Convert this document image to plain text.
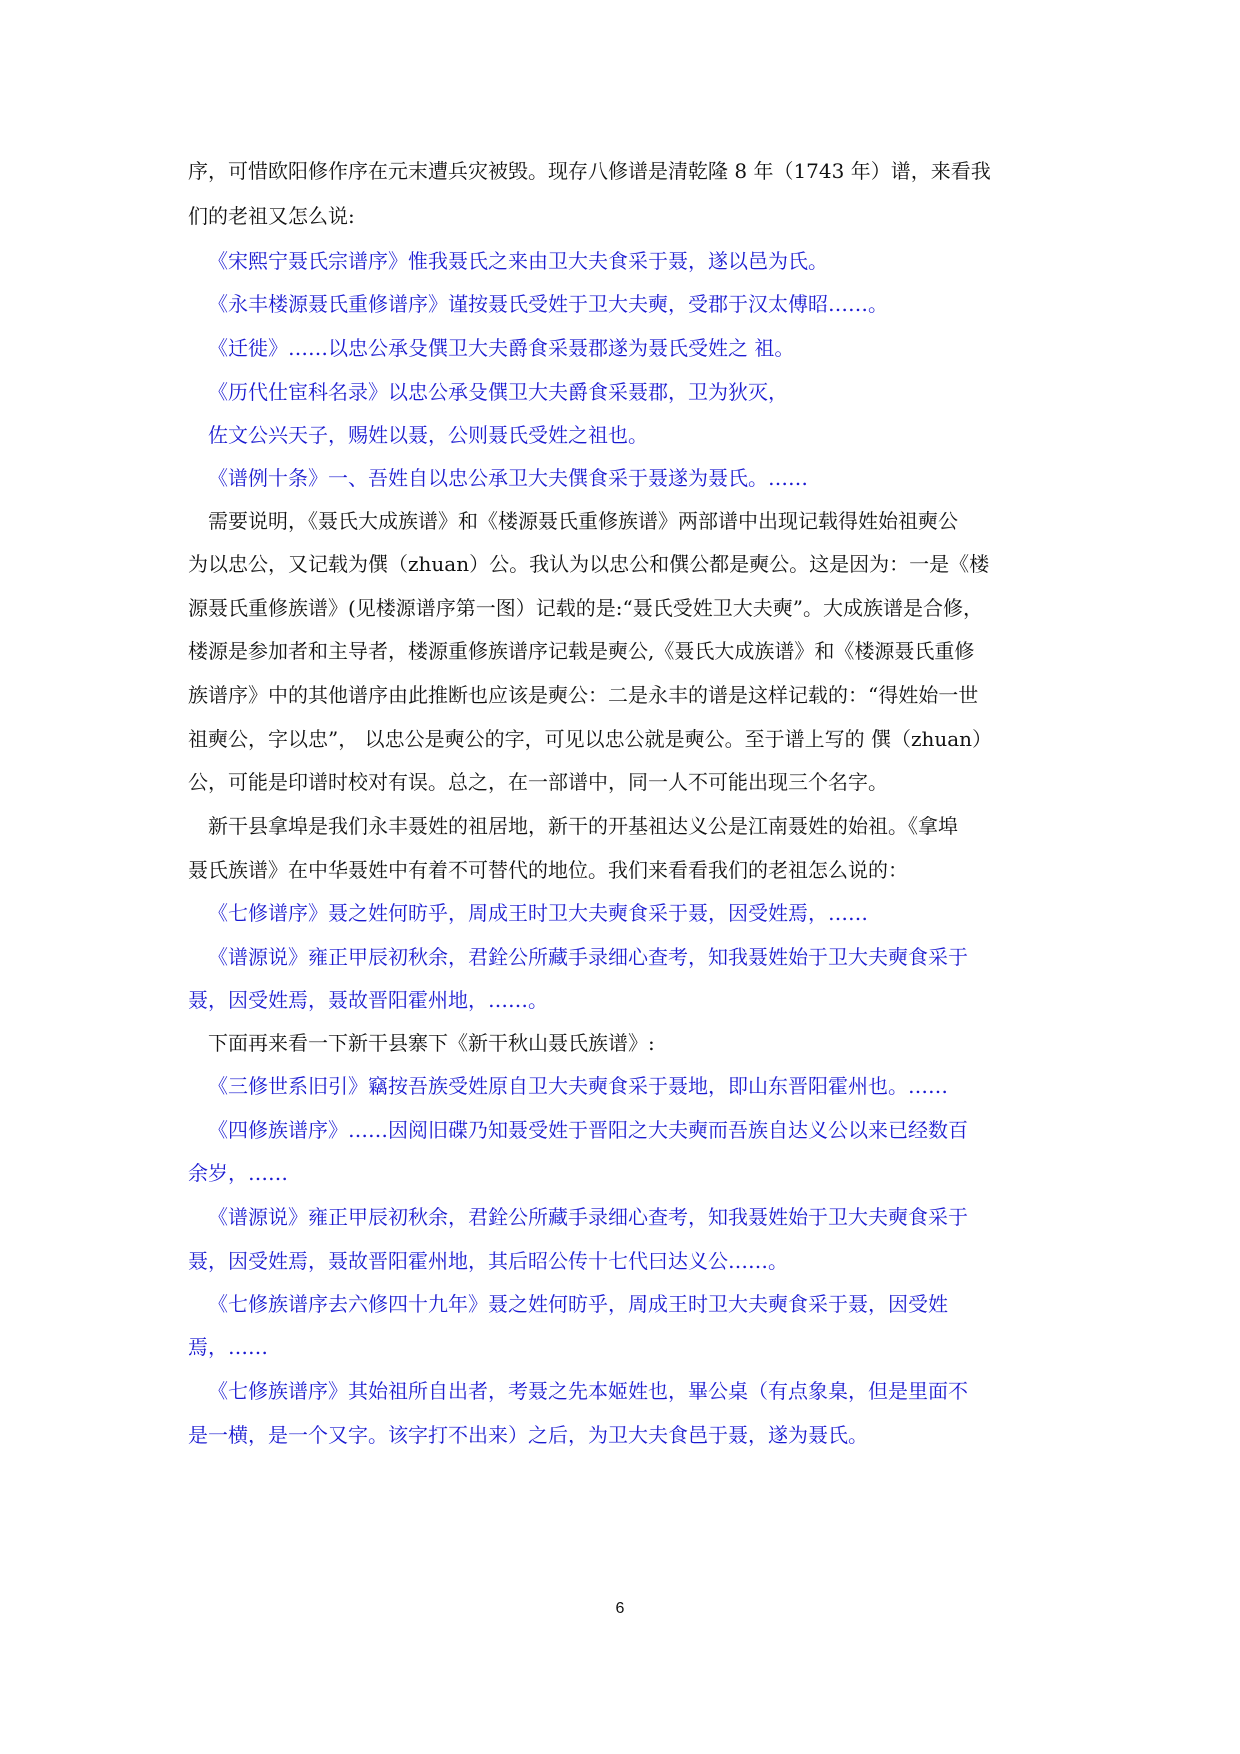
序，可惜欧阳修作序在元末遭兵灾被毁。现存八修谱是清乾隆 8 年（1743 年）谱，来看我
们的老祖又怎么说:
《宋熙宁聂氏宗谱序》惟我聂氏之来由卫大夫食采于聂，遂以邑为氏。
《永丰楼源聂氏重修谱序》谨按聂氏受姓于卫大夫奭，受郡于汉太傅昭……。
《迁徙》……以忠公承殳僎卫大夫爵食采聂郡遂为聂氏受姓之 祖。
《历代仕宦科名录》以忠公承殳僎卫大夫爵食采聂郡，卫为狄灭，
佐文公兴天子，赐姓以聂，公则聂氏受姓之祖也。
《谱例十条》一、吾姓自以忠公承卫大夫僎食采于聂遂为聂氏。……
需要说明，《聂氏大成族谱》和《楼源聂氏重修族谱》两部谱中出现记载得姓始祖奭公
为以忠公，又记载为僎（zhuan）公。我认为以忠公和僎公都是奭公。这是因为：一是《楼
源聂氏重修族谱》(见楼源谱序第一图）记载的是:“聂氏受姓卫大夫奭”。大成族谱是合修，
楼源是参加者和主导者，楼源重修族谱序记载是奭公,《聂氏大成族谱》和《楼源聂氏重修
族谱序》中的其他谱序由此推断也应该是奭公：二是永丰的谱是这样记载的：“得姓始一世
祖奭公，字以忠”， 以忠公是奭公的字，可见以忠公就是奭公。至于谱上写的 僎（zhuan）
公，可能是印谱时校对有误。总之，在一部谱中，同一人不可能出现三个名字。
新干县拿埠是我们永丰聂姓的祖居地，新干的开基祖达义公是江南聂姓的始祖。《拿埠
聂氏族谱》在中华聂姓中有着不可替代的地位。我们来看看我们的老祖怎么说的：
《七修谱序》聂之姓何昉乎，周成王时卫大夫奭食采于聂，因受姓焉，……
《谱源说》雍正甲辰初秋余，君銓公所藏手录细心查考，知我聂姓始于卫大夫奭食采于
聂，因受姓焉，聂故晋阳霍州地，……。
下面再来看一下新干县寨下《新干秋山聂氏族谱》:
《三修世系旧引》竊按吾族受姓原自卫大夫奭食采于聂地，即山东晋阳霍州也。……
《四修族谱序》……因阅旧碟乃知聂受姓于晋阳之大夫奭而吾族自达义公以来已经数百
余岁，……
《谱源说》雍正甲辰初秋余，君銓公所藏手录细心查考，知我聂姓始于卫大夫奭食采于
聂，因受姓焉，聂故晋阳霍州地，其后昭公传十七代曰达义公……。
《七修族谱序去六修四十九年》聂之姓何昉乎，周成王时卫大夫奭食采于聂，因受姓
焉，……
《七修族谱序》其始祖所自出者，考聂之先本姬姓也，畢公桌（有点象臬，但是里面不
是一横，是一个又字。该字打不出来）之后，为卫大夫食邑于聂，遂为聂氏。
6
